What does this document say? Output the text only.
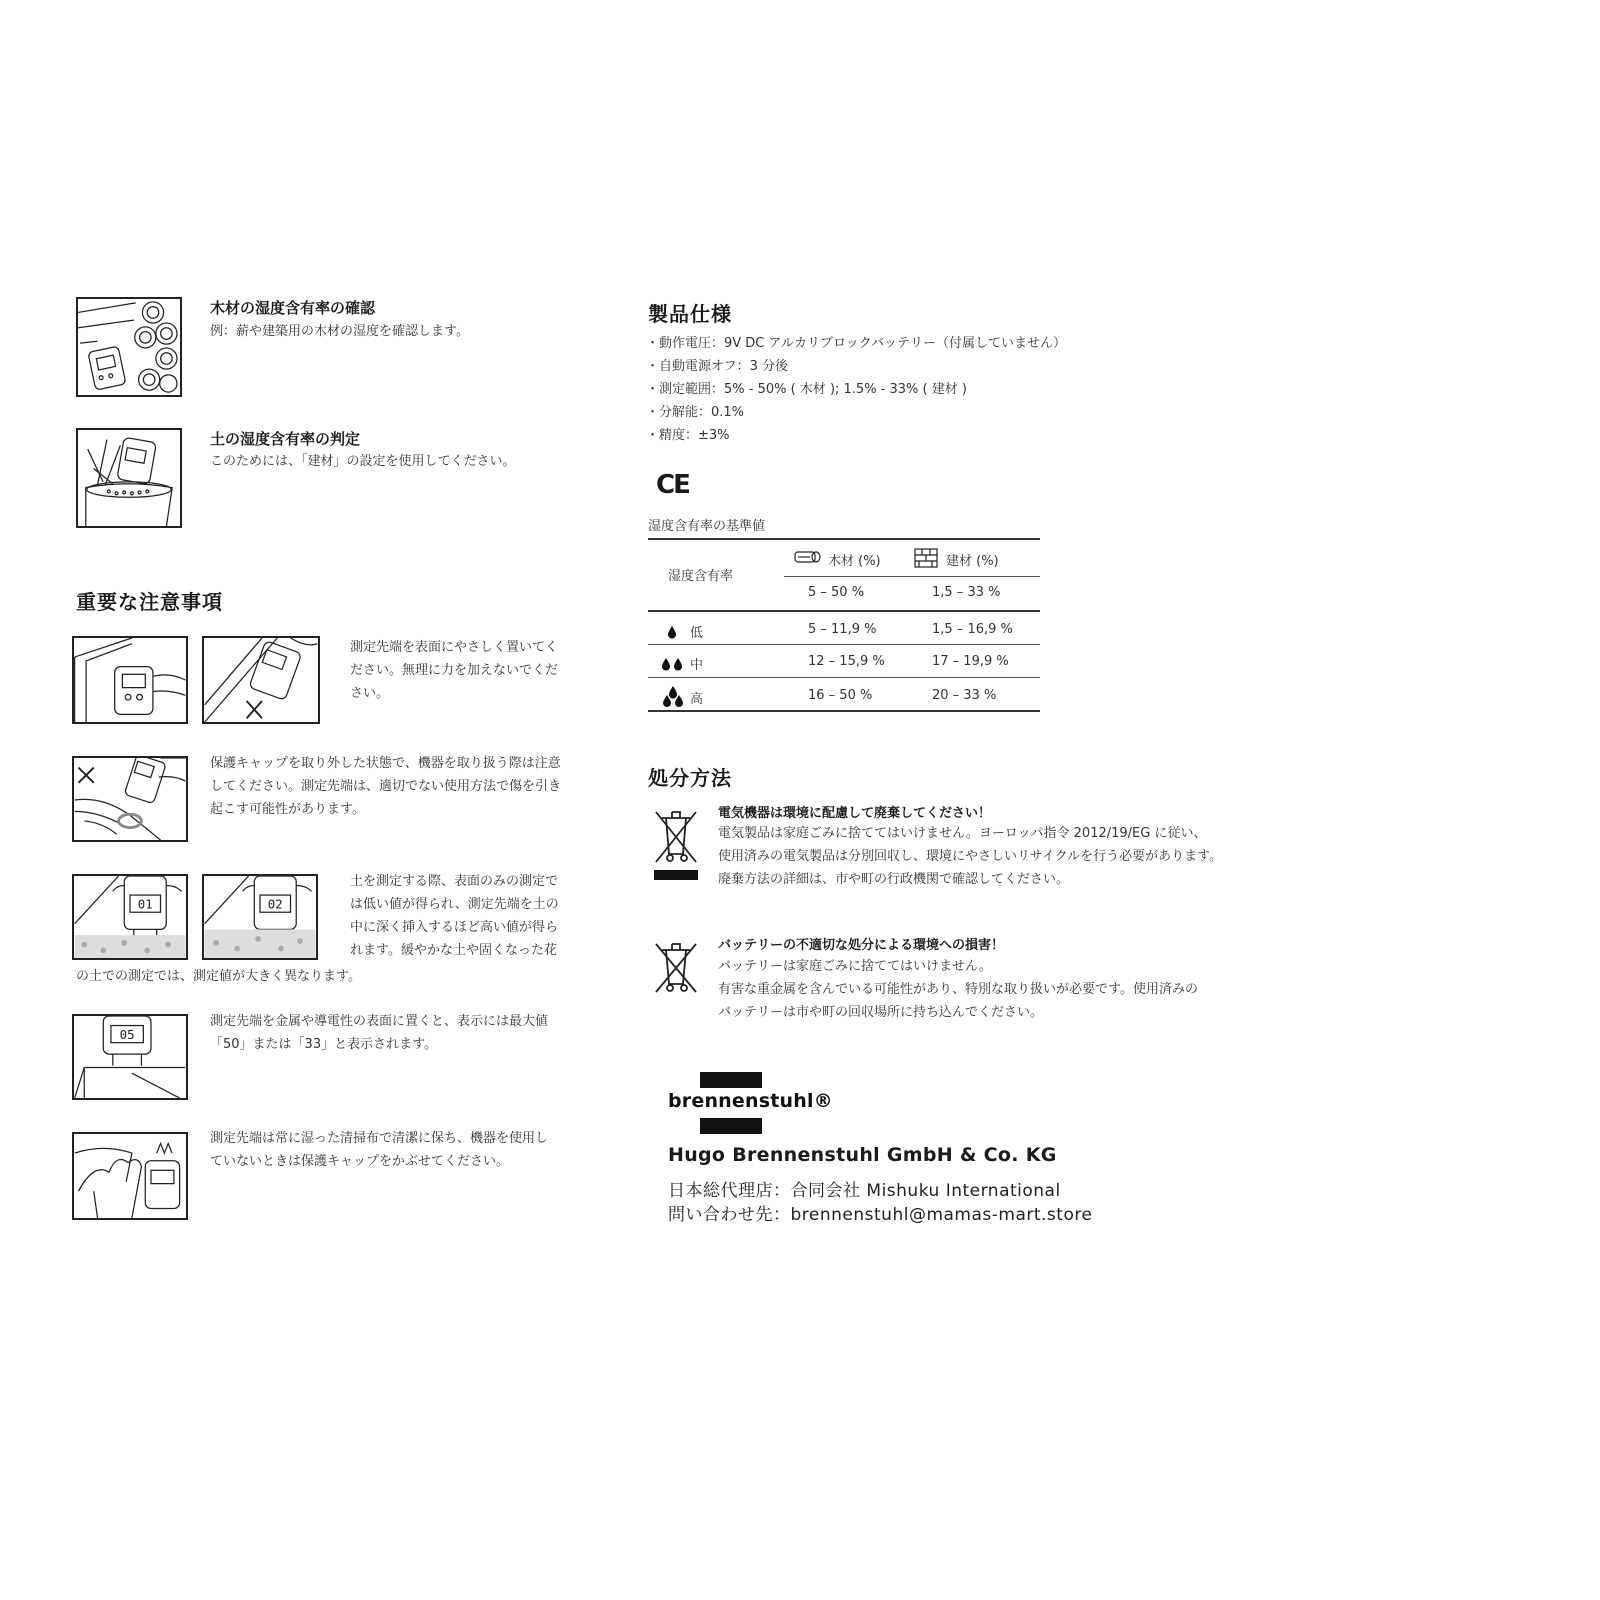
木材の湿度含有率の確認
例：薪や建築用の木材の湿度を確認します。
土の湿度含有率の判定
このためには、「建材」の設定を使用してください。
重要な注意事項
測定先端を表面にやさしく置いてく
ださい。無理に力を加えないでくだ
さい。
保護キャップを取り外した状態で、機器を取り扱う際は注意
してください。測定先端は、適切でない使用方法で傷を引き
起こす可能性があります。
01	02
土を測定する際、表面のみの測定で
は低い値が得られ、測定先端を土の
中に深く挿入するほど高い値が得ら
れます。緩やかな土や固くなった花
の土での測定では、測定値が大きく異なります。
05
測定先端を金属や導電性の表面に置くと、表示には最大値
「50」または「33」と表示されます。
測定先端は常に湿った清掃布で清潔に保ち、機器を使用し
ていないときは保護キャップをかぶせてください。
製品仕様
・動作電圧：9V DC アルカリブロックバッテリー（付属していません）
・自動電源オフ：3 分後
・測定範囲：5% - 50% ( 木材 ); 1.5% - 33% ( 建材 )
・分解能：0.1%
・精度：±3%
CE
湿度含有率の基準値
湿度含有率
木材 (%)	建材 (%)
5 – 50 %	1,5 – 33 %
低	5 – 11,9 %	1,5 – 16,9 %
中	12 – 15,9 %	17 – 19,9 %
高	16 – 50 %	20 – 33 %
処分方法
電気機器は環境に配慮して廃棄してください！
電気製品は家庭ごみに捨ててはいけません。ヨーロッパ指令 2012/19/EG に従い、
使用済みの電気製品は分別回収し、環境にやさしいリサイクルを行う必要があります。
廃棄方法の詳細は、市や町の行政機関で確認してください。
バッテリーの不適切な処分による環境への損害！
バッテリーは家庭ごみに捨ててはいけません。
有害な重金属を含んでいる可能性があり、特別な取り扱いが必要です。使用済みの
バッテリーは市や町の回収場所に持ち込んでください。
brennenstuhl®
Hugo Brennenstuhl GmbH & Co. KG
日本総代理店：合同会社 Mishuku International
問い合わせ先：brennenstuhl@mamas-mart.store
